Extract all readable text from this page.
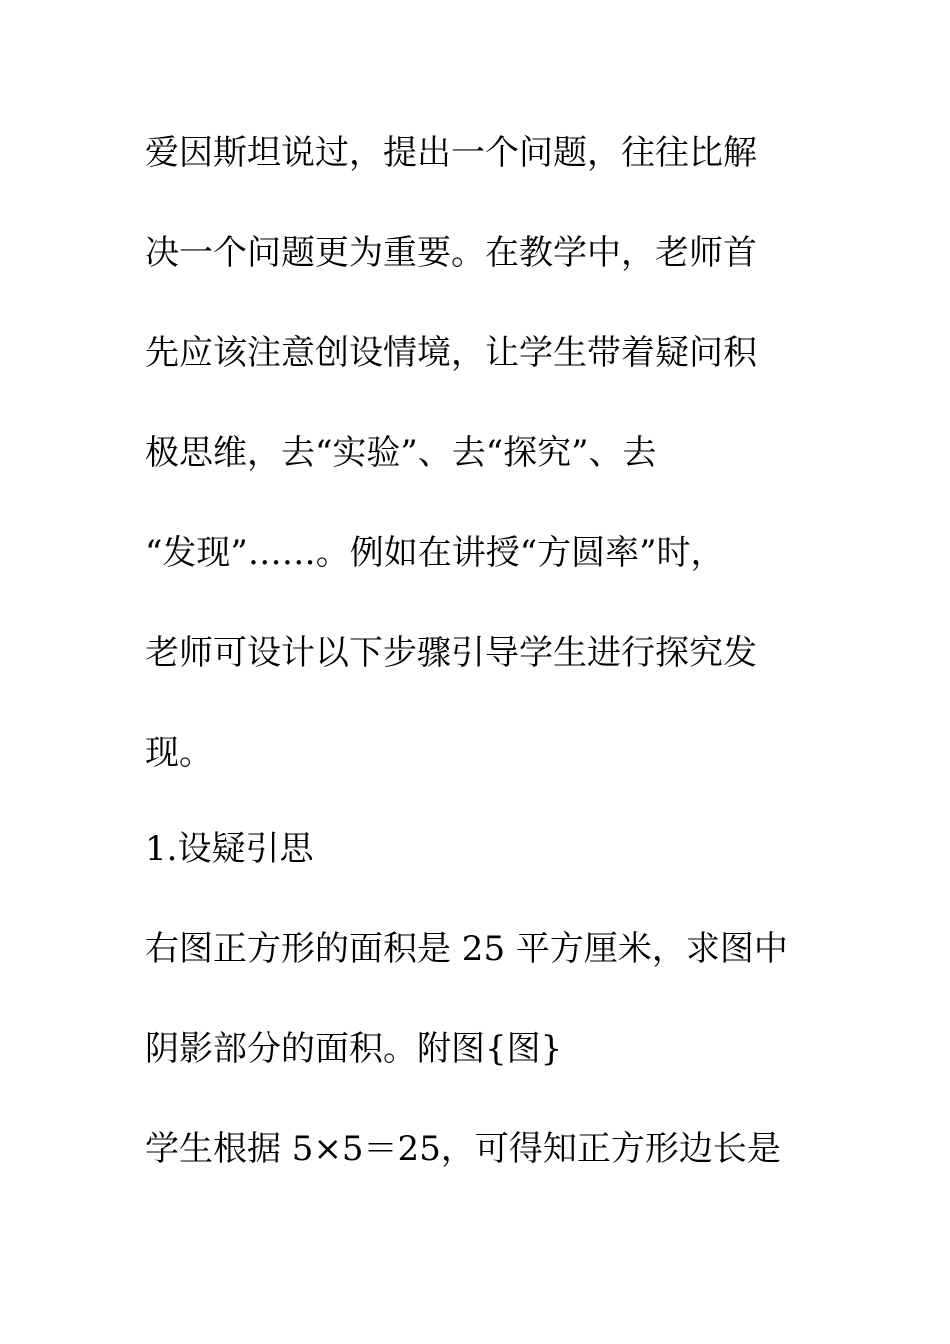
爱因斯坦说过，提出一个问题，往往比解
决一个问题更为重要。在教学中，老师首
先应该注意创设情境，让学生带着疑问积
极思维，去“实验”、去“探究”、去
“发现”……。例如在讲授“方圆率”时，
老师可设计以下步骤引导学生进行探究发
现。
1.设疑引思
右图正方形的面积是 25 平方厘米，求图中
阴影部分的面积。附图{图}
学生根据 5×5＝25，可得知正方形边长是
